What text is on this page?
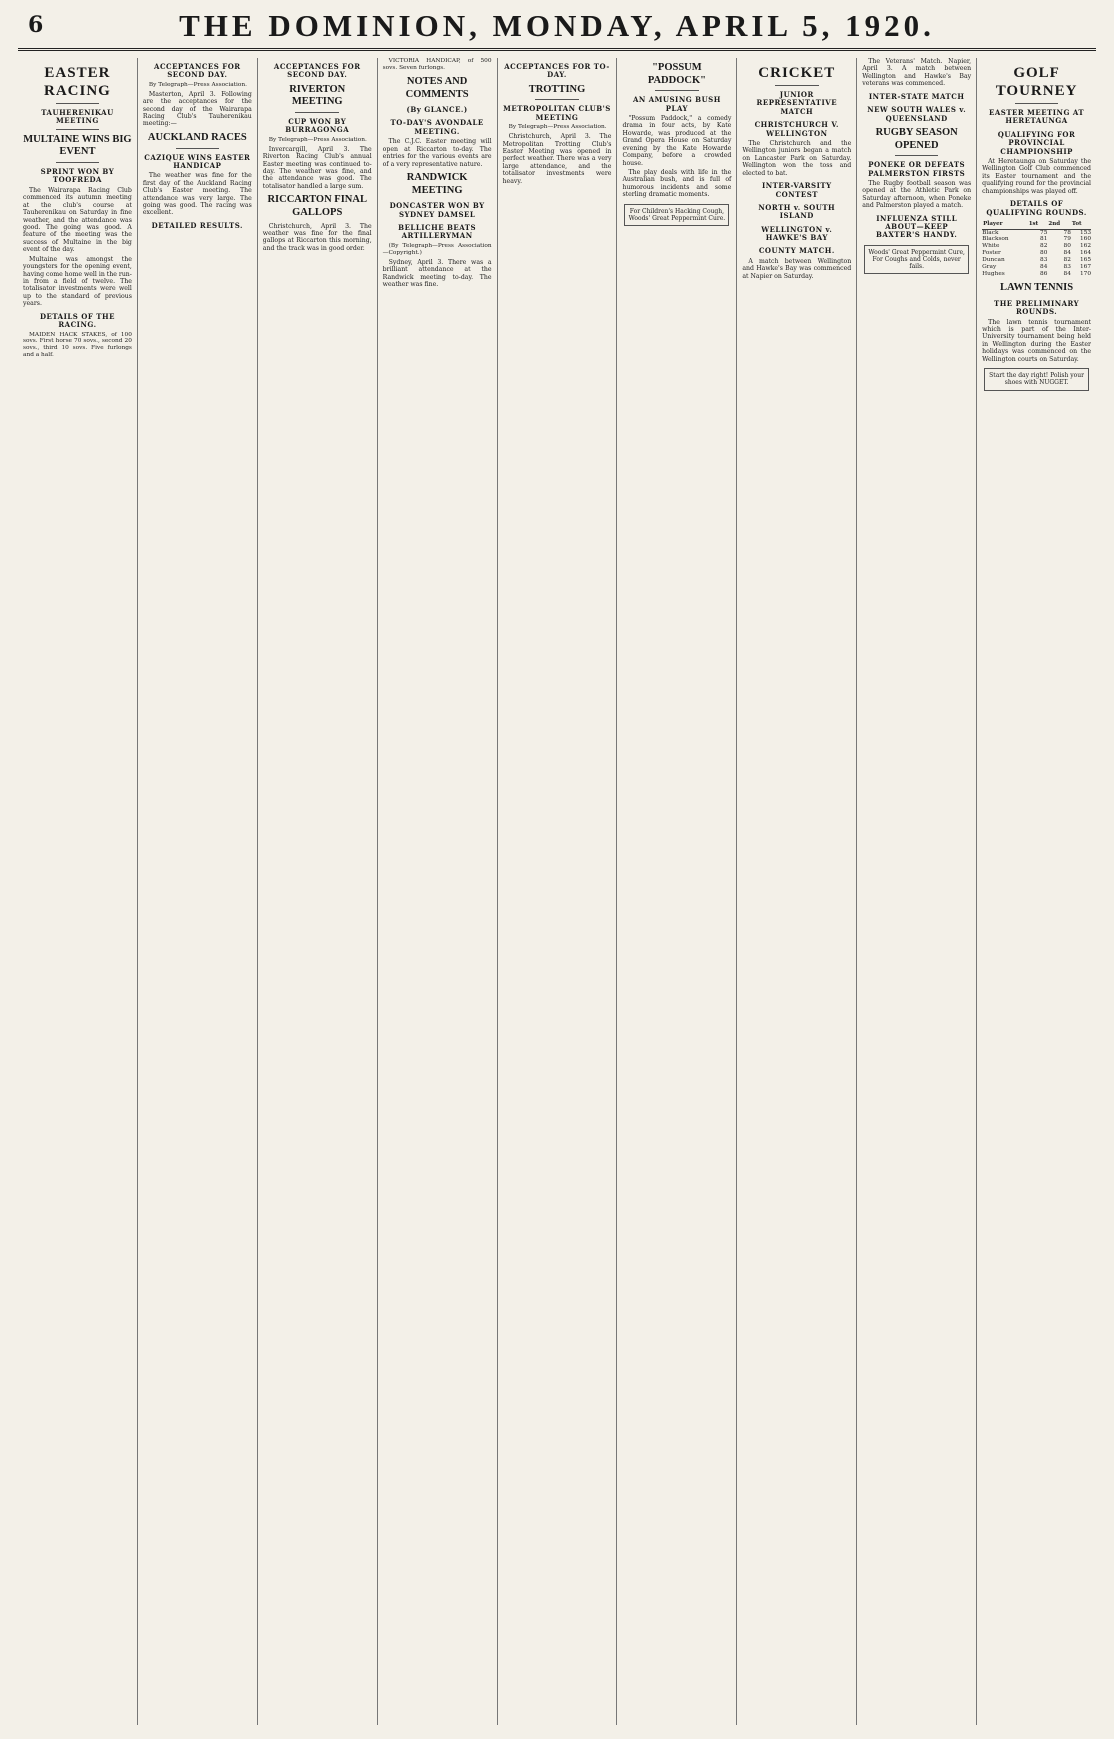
6	THE DOMINION, MONDAY, APRIL 5, 1920.
EASTER RACING
TAUHERENIKAU MEETING
MULTAINE WINS BIG EVENT
SPRINT WON BY TOOFREDA

The Wairarapa Racing Club commenced its autumn meeting at the club's course at Tauherenikau on Saturday in fine weather, and the attendance was good. The going was good. A feature of the meeting was the success of Multaine in the big event of the day.

Multaine was amongst the youngsters for the opening event, having come home well in the run-in from a field of twelve. The totalisator investments were well up to the standard of previous years.

DETAILS OF THE RACING.

MAIDEN HACK STAKES, of 100 sovs. First horse 70 sovs., second 20 sovs., third 10 sovs. Five furlongs and a half.

ACCEPTANCES FOR SECOND DAY.

By Telegraph—Press Association.

Masterton, April 3. Following are the acceptances for the second day of the Wairarapa Racing Club's Tauherenikau meeting:—

AUCKLAND RACES
CAZIQUE WINS EASTER HANDICAP

The weather was fine for the first day of the Auckland Racing Club's Easter meeting. The attendance was very large. The going was good. The racing was excellent.

DETAILED RESULTS.
ACCEPTANCES FOR SECOND DAY.
RIVERTON MEETING
CUP WON BY BURRAGONGA

By Telegraph—Press Association.

Invercargill, April 3. The Riverton Racing Club's annual Easter meeting was continued to-day. The weather was fine, and the attendance was good. The totalisator handled a large sum.

RICCARTON FINAL GALLOPS

Christchurch, April 3. The weather was fine for the final gallops at Riccarton this morning, and the track was in good order.

VICTORIA HANDICAP, of 500 sovs. Seven furlongs.

NOTES AND COMMENTS
(By GLANCE.)
TO-DAY'S AVONDALE MEETING.

The C.J.C. Easter meeting will open at Riccarton to-day. The entries for the various events are of a very representative nature.

RANDWICK MEETING
DONCASTER WON BY SYDNEY DAMSEL
BELLICHE BEATS ARTILLERYMAN

(By Telegraph—Press Association—Copyright.)

Sydney, April 3. There was a brilliant attendance at the Randwick meeting to-day. The weather was fine.

ACCEPTANCES FOR TO-DAY.
TROTTING
METROPOLITAN CLUB'S MEETING

By Telegraph—Press Association.

Christchurch, April 3. The Metropolitan Trotting Club's Easter Meeting was opened in perfect weather. There was a very large attendance, and the totalisator investments were heavy.

"POSSUM PADDOCK"
AN AMUSING BUSH PLAY

"Possum Paddock," a comedy drama in four acts, by Kate Howarde, was produced at the Grand Opera House on Saturday evening by the Kate Howarde Company, before a crowded house.

The play deals with life in the Australian bush, and is full of humorous incidents and some sterling dramatic moments.

For Children's Hacking Cough, Woods' Great Peppermint Cure.
CRICKET
JUNIOR REPRESENTATIVE MATCH
CHRISTCHURCH V. WELLINGTON

The Christchurch and the Wellington juniors began a match on Lancaster Park on Saturday. Wellington won the toss and elected to bat.

INTER-VARSITY CONTEST
NORTH v. SOUTH ISLAND
WELLINGTON v. HAWKE'S BAY
COUNTY MATCH.

A match between Wellington and Hawke's Bay was commenced at Napier on Saturday.

The Veterans' Match. Napier, April 3. A match between Wellington and Hawke's Bay veterans was commenced.

INTER-STATE MATCH
NEW SOUTH WALES v. QUEENSLAND
RUGBY SEASON OPENED
PONEKE OR DEFEATS PALMERSTON FIRSTS

The Rugby football season was opened at the Athletic Park on Saturday afternoon, when Poneke and Palmerston played a match.

INFLUENZA STILL ABOUT—KEEP BAXTER'S HANDY.
Woods' Great Peppermint Cure, For Coughs and Colds, never fails.
GOLF TOURNEY
EASTER MEETING AT HERETAUNGA
QUALIFYING FOR PROVINCIAL CHAMPIONSHIP

At Heretaunga on Saturday the Wellington Golf Club commenced its Easter tournament and the qualifying round for the provincial championships was played off.

DETAILS OF QUALIFYING ROUNDS.
Player	1st	2nd	Tot
Black	75	78	153
Blackson	81	79	160
White	82	80	162
Foster	80	84	164
Duncan	83	82	165
Gray	84	83	167
Hughes	86	84	170
LAWN TENNIS
THE PRELIMINARY ROUNDS.

The lawn tennis tournament which is part of the Inter-University tournament being held in Wellington during the Easter holidays was commenced on the Wellington courts on Saturday.

Start the day right! Polish your shoes with NUGGET.
